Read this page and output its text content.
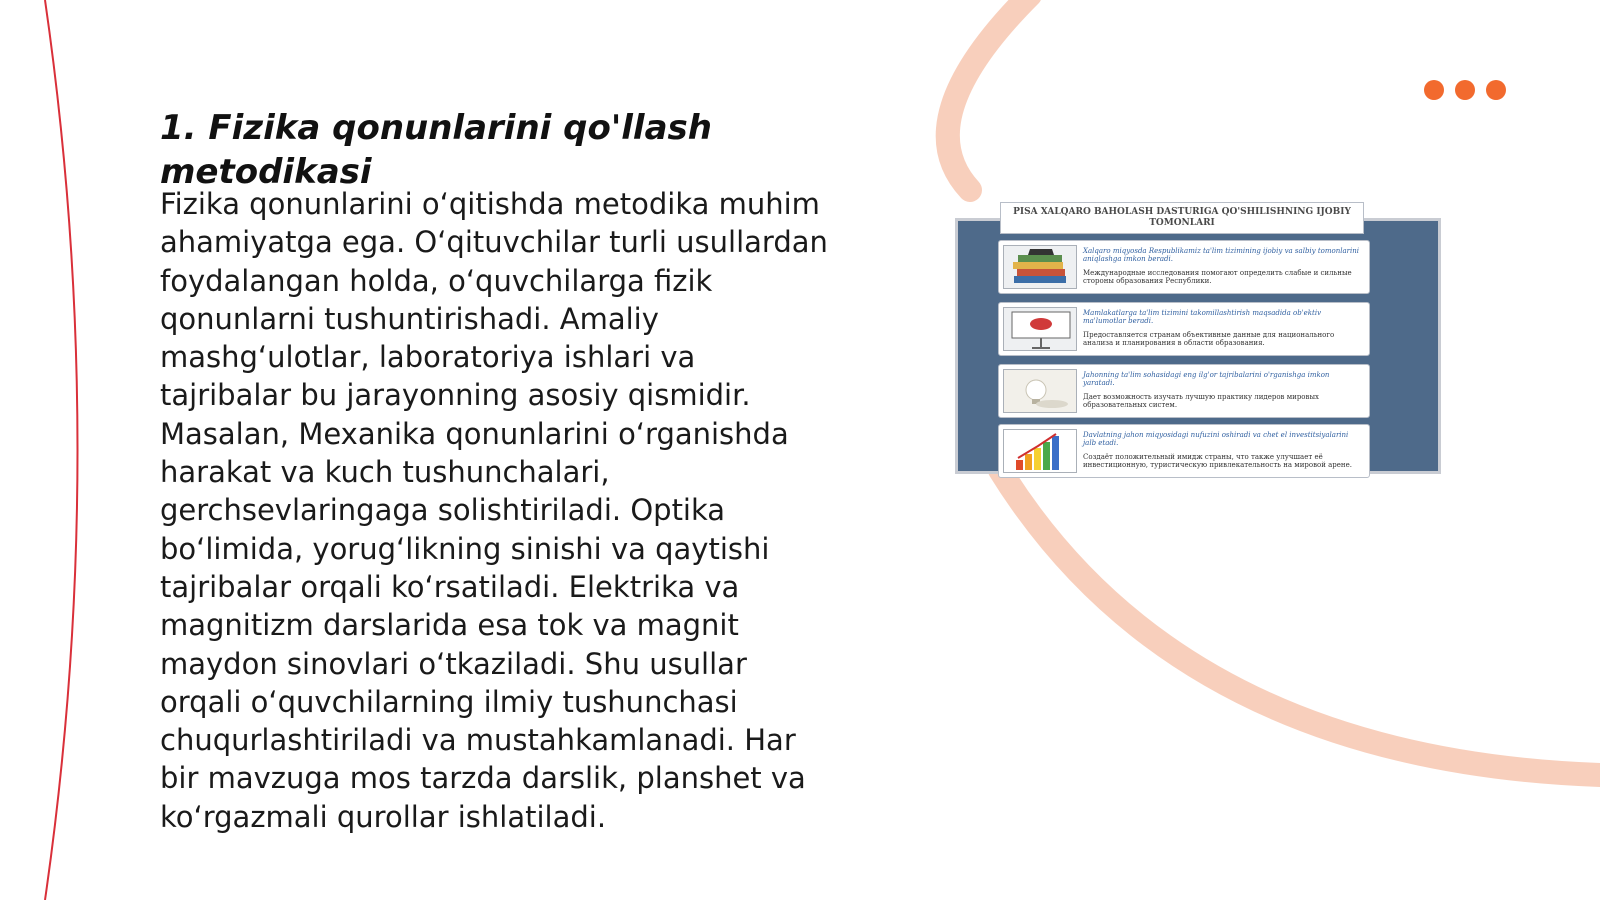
1. Fizika qonunlarini qo'llash metodikasi

Fizika qonunlarini o‘qitishda metodika muhim ahamiyatga ega. O‘qituvchilar turli usullardan foydalangan holda, o‘quvchilarga fizik qonunlarni tushuntirishadi. Amaliy mashg‘ulotlar, laboratoriya ishlari va tajribalar bu jarayonning asosiy qismidir. Masalan, Mexanika qonunlarini o‘rganishda harakat va kuch tushunchalari, gerchsevlaringaga solishtiriladi. Optika bo‘limida, yorug‘likning sinishi va qaytishi tajribalar orqali ko‘rsatiladi. Elektrika va magnitizm darslarida esa tok va magnit maydon sinovlari o‘tkaziladi. Shu usullar orqali o‘quvchilarning ilmiy tushunchasi chuqurlashtiriladi va mustahkamlanadi. Har bir mavzuga mos tarzda darslik, planshet va ko‘rgazmali qurollar ishlatiladi.

PISA XALQARO BAHOLASH DASTURIGA QO'SHILISHNING IJOBIY TOMONLARI
Xalqaro miqyosda Respublikamiz ta'lim tizimining ijobiy va salbiy tomonlarini aniqlashga imkon beradi.
Международные исследования помогают определить слабые и сильные стороны образования Республики.
Mamlakatlarga ta'lim tizimini takomillashtirish maqsadida ob'ektiv ma'lumotlar beradi.
Предоставляется странам объективные данные для национального анализа и планирования в области образования.
Jahonning ta'lim sohasidagi eng ilg'or tajribalarini o'rganishga imkon yaratadi.
Дает возможность изучать лучшую практику лидеров мировых образовательных систем.
Davlatning jahon miqyosidagi nufuzini oshiradi va chet el investitsiyalarini jalb etadi.
Создаёт положительный имидж страны, что также улучшает её инвестиционную, туристическую привлекательность на мировой арене.
